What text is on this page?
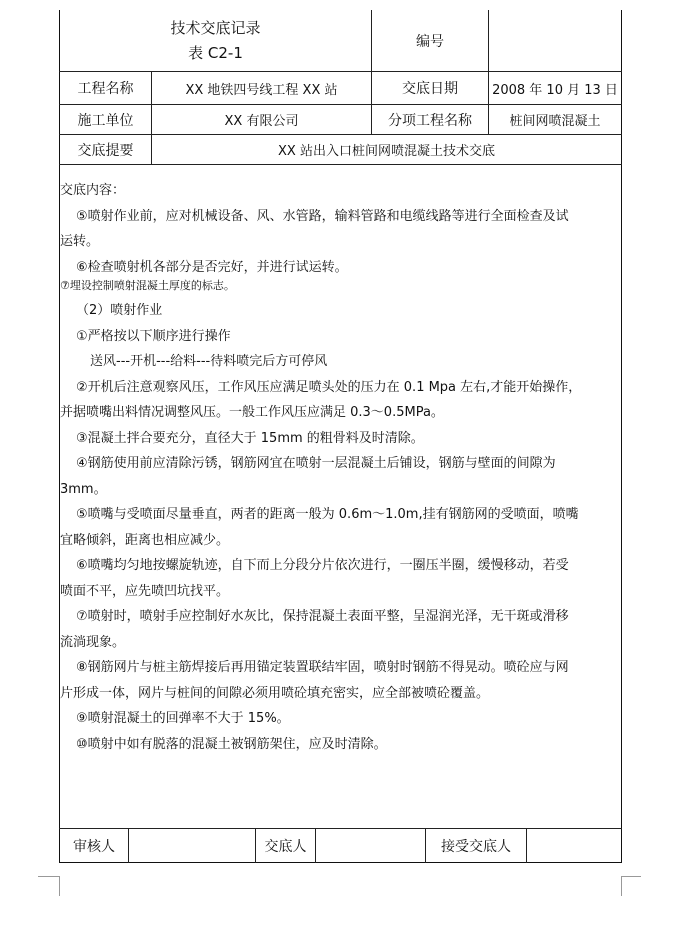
技术交底记录
表 C2-1
编号
工程名称	XX 地铁四号线工程 XX 站	交底日期	2008 年 10 月 13 日
施工单位	XX 有限公司	分项工程名称	桩间网喷混凝土
交底提要	XX 站出入口桩间网喷混凝土技术交底

交底内容：

⑤喷射作业前，应对机械设备、风、水管路，输料管路和电缆线路等进行全面检查及试

运转。

⑥检查喷射机各部分是否完好，并进行试运转。

⑦埋设控制喷射混凝土厚度的标志。

（2）喷射作业

①严格按以下顺序进行操作

送风---开机---给料---待料喷完后方可停风

②开机后注意观察风压，工作风压应满足喷头处的压力在 0.1 Mpa 左右,才能开始操作，

并据喷嘴出料情况调整风压。一般工作风压应满足 0.3～0.5MPa。

③混凝土拌合要充分，直径大于 15mm 的粗骨料及时清除。

④钢筋使用前应清除污锈，钢筋网宜在喷射一层混凝土后铺设，钢筋与壁面的间隙为

3mm。

⑤喷嘴与受喷面尽量垂直，两者的距离一般为 0.6m～1.0m,挂有钢筋网的受喷面，喷嘴

宜略倾斜，距离也相应减少。

⑥喷嘴均匀地按螺旋轨迹，自下而上分段分片依次进行，一圈压半圈，缓慢移动，若受

喷面不平，应先喷凹坑找平。

⑦喷射时，喷射手应控制好水灰比，保持混凝土表面平整，呈湿润光泽，无干斑或滑移

流淌现象。

⑧钢筋网片与桩主筋焊接后再用锚定装置联结牢固，喷射时钢筋不得晃动。喷砼应与网

片形成一体，网片与桩间的间隙必须用喷砼填充密实，应全部被喷砼覆盖。

⑨喷射混凝土的回弹率不大于 15%。

⑩喷射中如有脱落的混凝土被钢筋架住，应及时清除。

审核人	交底人	接受交底人
